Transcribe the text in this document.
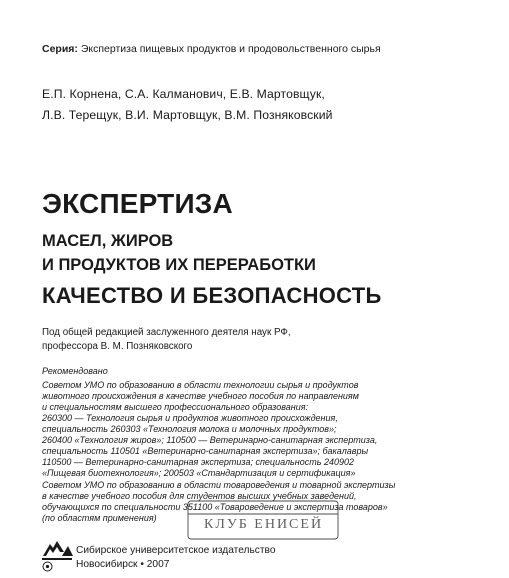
Серия: Экспертиза пищевых продуктов и продовольственного сырья
Е.П. Корнена, С.А. Калманович, Е.В. Мартовщук,
Л.В. Терещук, В.И. Мартовщук, В.М. Позняковский
ЭКСПЕРТИЗА
МАСЕЛ, ЖИРОВ
И ПРОДУКТОВ ИХ ПЕРЕРАБОТКИ
КАЧЕСТВО И БЕЗОПАСНОСТЬ
Под общей редакцией заслуженного деятеля наук РФ,
профессора В. М. Позняковского
Рекомендовано
Советом УМО по образованию в области технологии сырья и продуктов
животного происхождения в качестве учебного пособия по направлениям
и специальностям высшего профессионального образования:
260300 — Технология сырья и продуктов животного происхождения,
специальность 260303 «Технология молока и молочных продуктов»;
260400 «Технология жиров»; 110500 — Ветеринарно-санитарная экспертиза,
специальность 110501 «Ветеринарно-санитарная экспертиза»; бакалавры
110500 — Ветеринарно-санитарная экспертиза; специальность 240902
«Пищевая биотехнология»; 200503 «Стандартизация и сертификация»
Советом УМО по образованию в области товароведения и товарной экспертизы
в качестве учебного пособия для студентов высших учебных заведений,
обучающихся по специальности 351100 «Товароведение и экспертиза товаров»
(по областям применения)	КЛУБ ЕНИСЕЙ
Сибирское университетское издательство
Новосибирск • 2007
